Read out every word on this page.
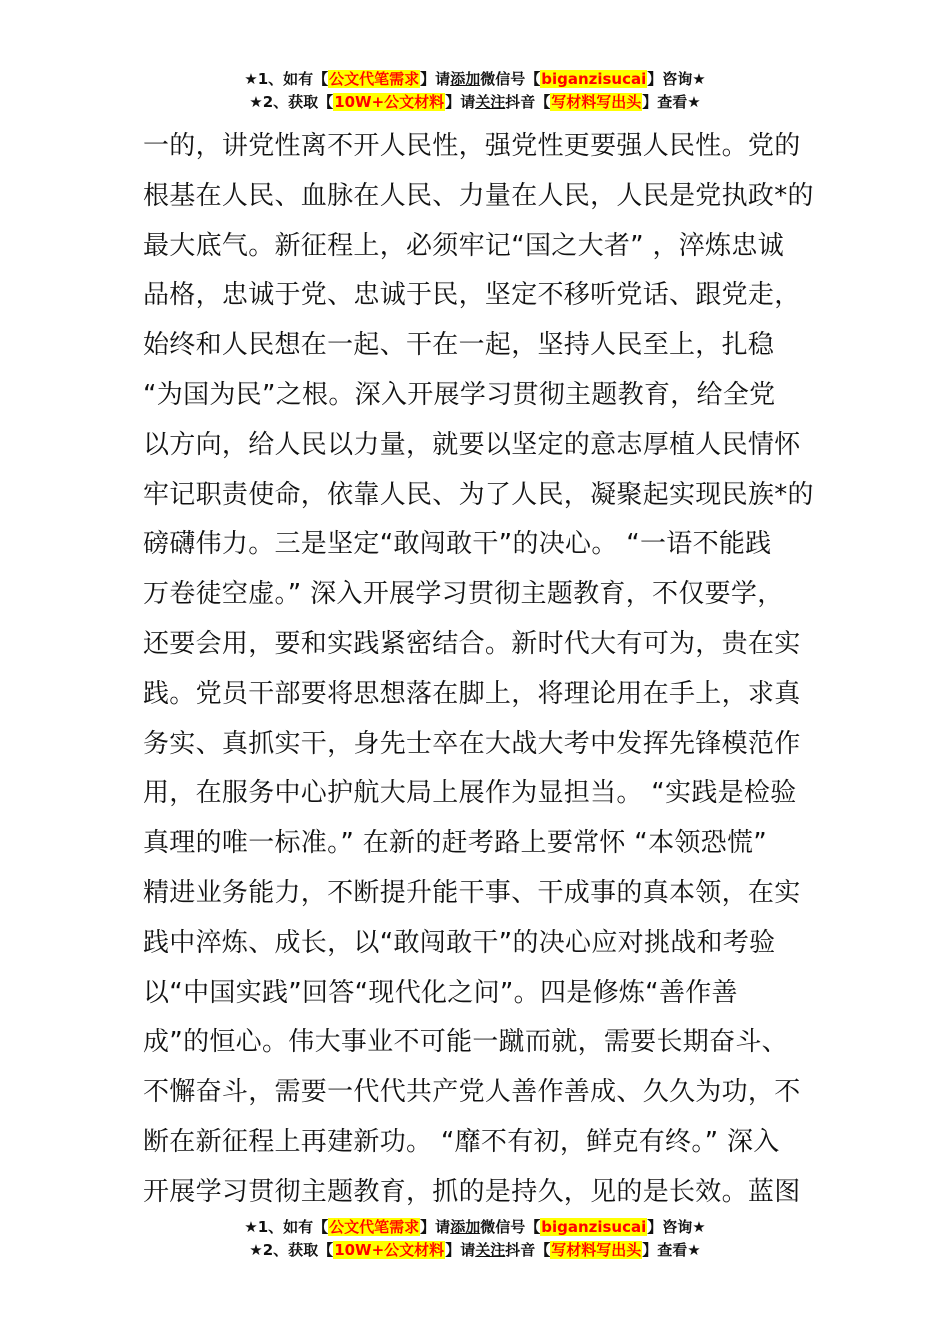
★1、如有【公文代笔需求】请添加微信号【biganzisucai】咨询★
★2、获取【10W+公文材料】请关注抖音【写材料写出头】查看★
一的，讲党性离不开人民性，强党性更要强人民性。党的
根基在人民、血脉在人民、力量在人民，人民是党执政*的
最大底气。新征程上，必须牢记“国之大者” ，淬炼忠诚
品格，忠诚于党、忠诚于民，坚定不移听党话、跟党走，
始终和人民想在一起、干在一起，坚持人民至上，扎稳
“为国为民”之根。深入开展学习贯彻主题教育，给全党
以方向，给人民以力量，就要以坚定的意志厚植人民情怀
牢记职责使命，依靠人民、为了人民，凝聚起实现民族*的
磅礴伟力。三是坚定“敢闯敢干”的决心。 “一语不能践
万卷徒空虚。” 深入开展学习贯彻主题教育，不仅要学，
还要会用，要和实践紧密结合。新时代大有可为，贵在实
践。党员干部要将思想落在脚上，将理论用在手上，求真
务实、真抓实干，身先士卒在大战大考中发挥先锋模范作
用，在服务中心护航大局上展作为显担当。 “实践是检验
真理的唯一标准。” 在新的赶考路上要常怀 “本领恐慌”
精进业务能力，不断提升能干事、干成事的真本领，在实
践中淬炼、成长，以“敢闯敢干”的决心应对挑战和考验
以“中国实践”回答“现代化之问”。四是修炼“善作善
成”的恒心。伟大事业不可能一蹴而就，需要长期奋斗、
不懈奋斗，需要一代代共产党人善作善成、久久为功，不
断在新征程上再建新功。 “靡不有初，鲜克有终。” 深入
开展学习贯彻主题教育，抓的是持久，见的是长效。蓝图
★1、如有【公文代笔需求】请添加微信号【biganzisucai】咨询★
★2、获取【10W+公文材料】请关注抖音【写材料写出头】查看★
